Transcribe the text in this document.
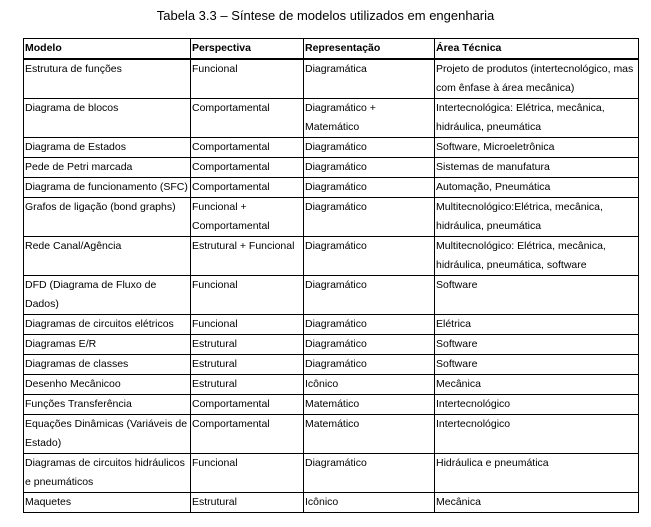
Tabela 3.3 – Síntese de modelos utilizados em engenharia
Modelo	Perspectiva	Representação	Área Técnica
Estrutura de funções	Funcional	Diagramática	Projeto de produtos (intertecnológico, mas com ênfase à área mecânica)
Diagrama de blocos	Comportamental	Diagramático + Matemático	Intertecnológica: Elétrica, mecânica, hidráulica, pneumática
Diagrama de Estados	Comportamental	Diagramático	Software, Microeletrônica
Pede de Petri marcada	Comportamental	Diagramático	Sistemas de manufatura
Diagrama de funcionamento (SFC)	Comportamental	Diagramático	Automação, Pneumática
Grafos de ligação (bond graphs)	Funcional + Comportamental	Diagramático	Multitecnológico:Elétrica, mecânica, hidráulica, pneumática
Rede Canal/Agência	Estrutural + Funcional	Diagramático	Multitecnológico: Elétrica, mecânica, hidráulica, pneumática, software
DFD (Diagrama de Fluxo de Dados)	Funcional	Diagramático	Software
Diagramas de circuitos elétricos	Funcional	Diagramático	Elétrica
Diagramas E/R	Estrutural	Diagramático	Software
Diagramas de classes	Estrutural	Diagramático	Software
Desenho Mecânicoo	Estrutural	Icônico	Mecânica
Funções Transferência	Comportamental	Matemático	Intertecnológico
Equações Dinâmicas (Variáveis de Estado)	Comportamental	Matemático	Intertecnológico
Diagramas de circuitos hidráulicos e pneumáticos	Funcional	Diagramático	Hidráulica e pneumática
Maquetes	Estrutural	Icônico	Mecânica
